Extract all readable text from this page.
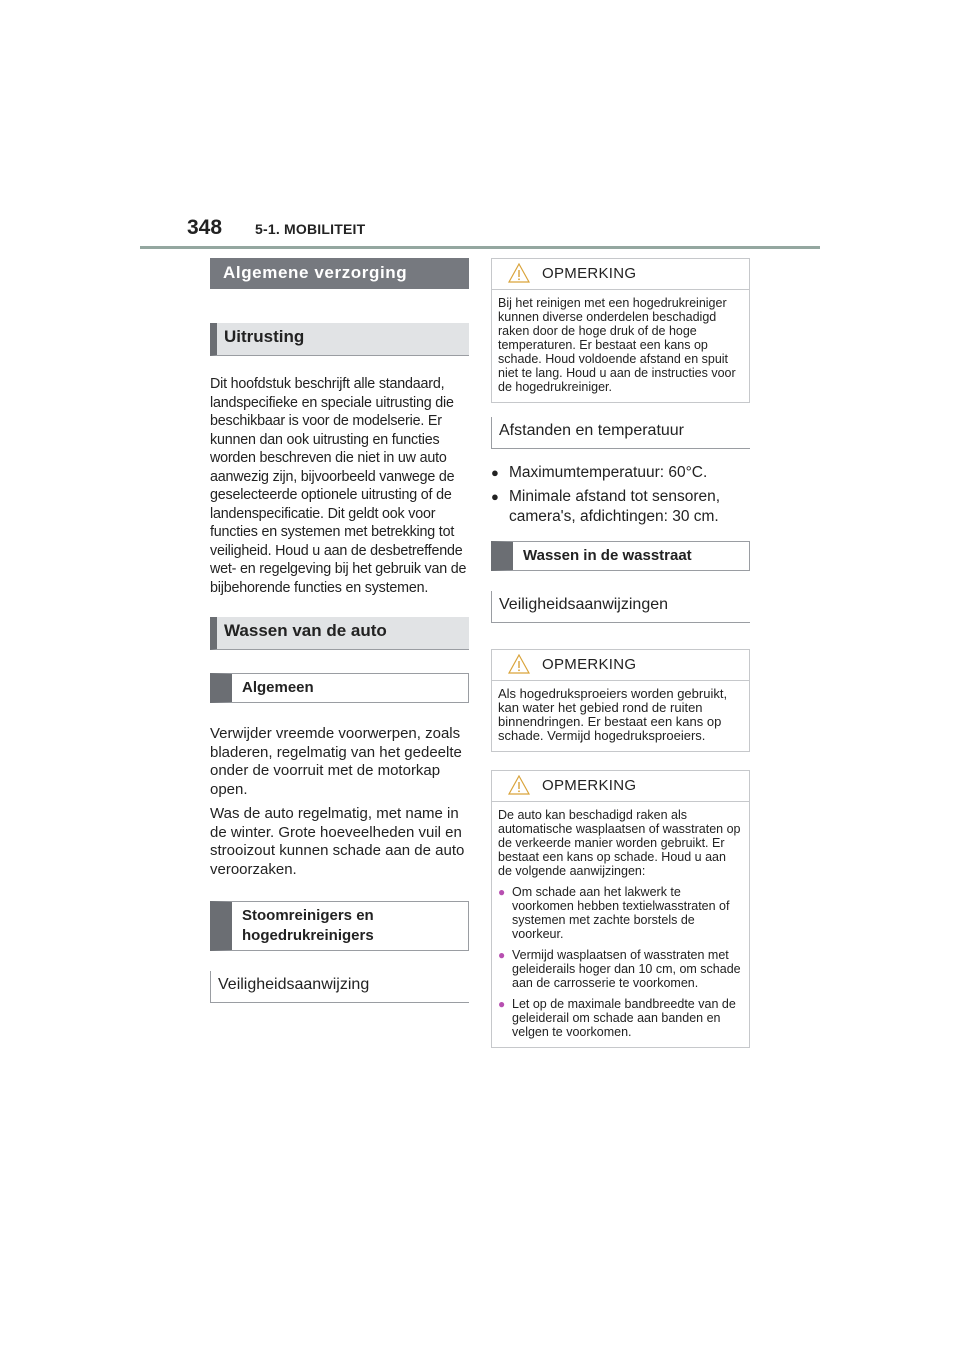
348 5-1. MOBILITEIT
Algemene verzorging
Uitrusting
Dit hoofdstuk beschrijft alle standaard, landspecifieke en speciale uitrusting die beschikbaar is voor de modelserie. Er kunnen dan ook uitrusting en functies worden beschreven die niet in uw auto aanwezig zijn, bijvoorbeeld vanwege de geselecteerde optionele uitrusting of de landenspecificatie. Dit geldt ook voor functies en systemen met betrekking tot veiligheid. Houd u aan de desbetreffende wet- en regelgeving bij het gebruik van de bijbehorende functies en systemen.
Wassen van de auto
Algemeen
Verwijder vreemde voorwerpen, zoals bladeren, regelmatig van het gedeelte onder de voorruit met de motorkap open.
Was de auto regelmatig, met name in de winter. Grote hoeveelheden vuil en strooizout kunnen schade aan de auto veroorzaken.
Stoomreinigers en hogedrukreinigers
Veiligheidsaanwijzing
OPMERKING
Bij het reinigen met een hogedrukreiniger kunnen diverse onderdelen beschadigd raken door de hoge druk of de hoge temperaturen. Er bestaat een kans op schade. Houd voldoende afstand en spuit niet te lang. Houd u aan de instructies voor de hogedrukreiniger.
Afstanden en temperatuur
● Maximumtemperatuur: 60°C.
● Minimale afstand tot sensoren, camera's, afdichtingen: 30 cm.
Wassen in de wasstraat
Veiligheidsaanwijzingen
OPMERKING
Als hogedruksproeiers worden gebruikt, kan water het gebied rond de ruiten binnendringen. Er bestaat een kans op schade. Vermijd hogedruksproeiers.
OPMERKING
De auto kan beschadigd raken als automatische wasplaatsen of wasstraten op de verkeerde manier worden gebruikt. Er bestaat een kans op schade. Houd u aan de volgende aanwijzingen:
● Om schade aan het lakwerk te voorkomen hebben textielwasstraten of systemen met zachte borstels de voorkeur.
● Vermijd wasplaatsen of wasstraten met geleiderails hoger dan 10 cm, om schade aan de carrosserie te voorkomen.
● Let op de maximale bandbreedte van de geleiderail om schade aan banden en velgen te voorkomen.
